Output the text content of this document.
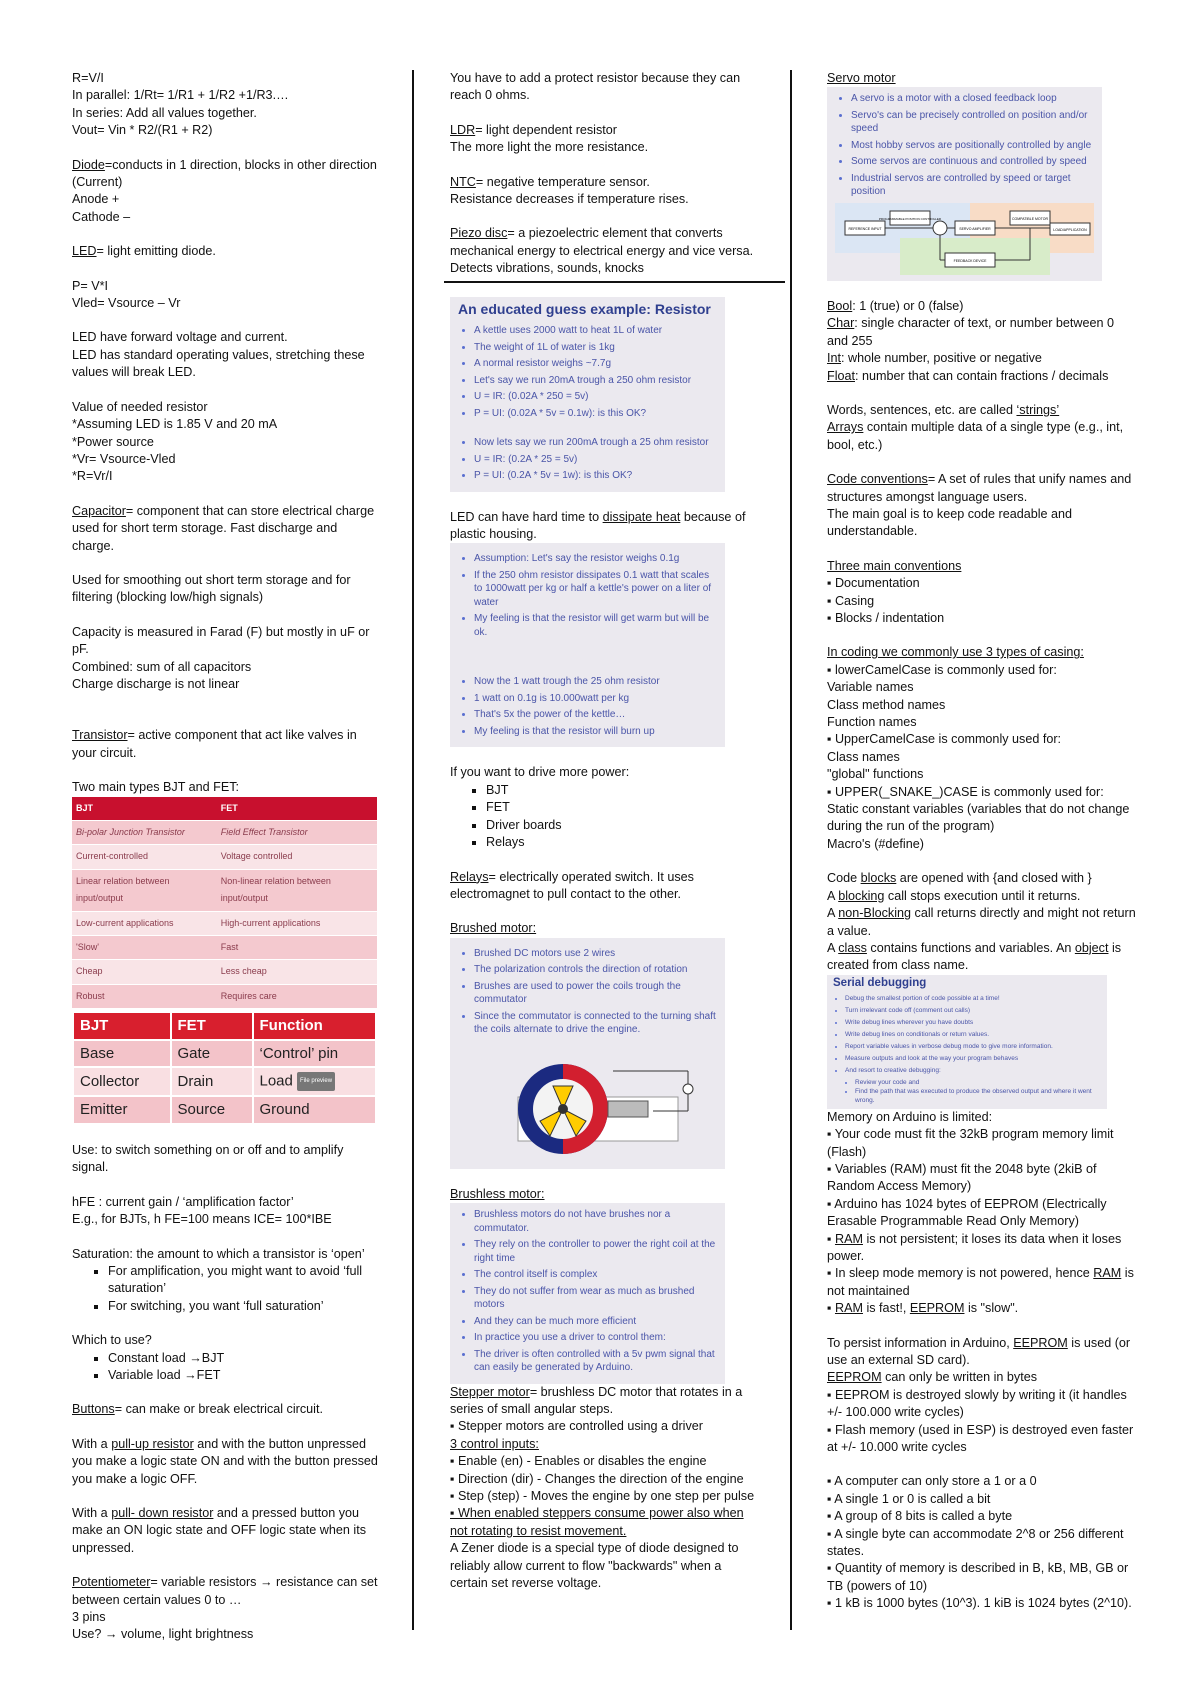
R=V/I

In parallel: 1/Rt= 1/R1 + 1/R2 +1/R3.…

In series: Add all values together.

Vout= Vin * R2/(R1 + R2)

Diode=conducts in 1 direction, blocks in other direction (Current)

Anode +

Cathode –

LED= light emitting diode.

P= V*I

Vled= Vsource – Vr

LED have forward voltage and current.

LED has standard operating values, stretching these values will break LED.

Value of needed resistor

*Assuming LED is 1.85 V and 20 mA

*Power source

*Vr= Vsource-Vled

*R=Vr/I

Capacitor= component that can store electrical charge used for short term storage. Fast discharge and charge.

Used for smoothing out short term storage and for filtering (blocking low/high signals)

Capacity is measured in Farad (F) but mostly in uF or pF.

Combined: sum of all capacitors

Charge discharge is not linear

Transistor= active component that act like valves in your circuit.

Two main types BJT and FET:

BJT	FET
Bi-polar Junction Transistor	Field Effect Transistor
Current-controlled	Voltage controlled
Linear relation between input/output	Non-linear relation between input/output
Low-current applications	High-current applications
'Slow'	Fast
Cheap	Less cheap
Robust	Requires care
BJT	FET	Function
Base	Gate	‘Control’ pin
Collector	Drain	Load File preview
Emitter	Source	Ground

Use: to switch something on or off and to amplify signal.

hFE : current gain / ‘amplification factor’

E.g., for BJTs, h FE=100 means ICE= 100*IBE

Saturation: the amount to which a transistor is ‘open’

▪ For amplification, you might want to avoid ‘full saturation’
▪ For switching, you want ‘full saturation’

Which to use?

▪ Constant load →BJT
▪ Variable load →FET

Buttons= can make or break electrical circuit.

With a pull-up resistor and with the button unpressed you make a logic state ON and with the button pressed you make a logic OFF.

With a pull- down resistor and a pressed button you make an ON logic state and OFF logic state when its unpressed.

Potentiometer= variable resistors → resistance can set between certain values 0 to …

3 pins

Use? → volume, light brightness

You have to add a protect resistor because they can reach 0 ohms.

LDR= light dependent resistor

The more light the more resistance.

NTC= negative temperature sensor.

Resistance decreases if temperature rises.

Piezo disc= a piezoelectric element that converts mechanical energy to electrical energy and vice versa.

Detects vibrations, sounds, knocks

An educated guess example: Resistor
• A kettle uses 2000 watt to heat 1L of water
• The weight of 1L of water is 1kg
• A normal resistor weighs ~7.7g
• Let's say we run 20mA trough a 250 ohm resistor
• U = IR: (0.02A * 250 = 5v)
• P = UI: (0.02A * 5v = 0.1w): is this OK?
• Now lets say we run 200mA trough a 25 ohm resistor
• U = IR: (0.2A * 25 = 5v)
• P = UI: (0.2A * 5v = 1w): is this OK?

LED can have hard time to dissipate heat because of plastic housing.

• Assumption: Let's say the resistor weighs 0.1g
• If the 250 ohm resistor dissipates 0.1 watt that scales to 1000watt per kg or half a kettle's power on a liter of water
• My feeling is that the resistor will get warm but will be ok.
• Now the 1 watt trough the 25 ohm resistor
• 1 watt on 0.1g is 10.000watt per kg
• That's 5x the power of the kettle…
• My feeling is that the resistor will burn up

If you want to drive more power:

▪ BJT
▪ FET
▪ Driver boards
▪ Relays

Relays= electrically operated switch. It uses electromagnet to pull contact to the other.

Brushed motor:

• Brushed DC motors use 2 wires
• The polarization controls the direction of rotation
• Brushes are used to power the coils trough the commutator
• Since the commutator is connected to the turning shaft the coils alternate to drive the engine.

Brushless motor:

• Brushless motors do not have brushes nor a commutator.
• They rely on the controller to power the right coil at the right time
• The control itself is complex
• They do not suffer from wear as much as brushed motors
• And they can be much more efficient
• In practice you use a driver to control them:
• The driver is often controlled with a 5v pwm signal that can easily be generated by Arduino.

Stepper motor= brushless DC motor that rotates in a series of small angular steps.

▪ Stepper motors are controlled using a driver

3 control inputs:

▪ Enable (en) - Enables or disables the engine

▪ Direction (dir) - Changes the direction of the engine

▪ Step (step) - Moves the engine by one step per pulse

▪ When enabled steppers consume power also when not rotating to resist movement.

A Zener diode is a special type of diode designed to reliably allow current to flow "backwards" when a certain set reverse voltage.

Servo motor

• A servo is a motor with a closed feedback loop
• Servo's can be precisely controlled on position and/or speed
• Most hobby servos are positionally controlled by angle
• Some servos are continuous and controlled by speed
• Industrial servos are controlled by speed or target position
REFERENCE INPUT
PROGRAMMABLE POSITION CONTROLLER
SERVO AMPLIFIER
COMPATIBLE MOTOR
LOAD/APPLICATION
FEEDBACK DEVICE

Bool: 1 (true) or 0 (false)

Char: single character of text, or number between 0 and 255

Int: whole number, positive or negative

Float: number that can contain fractions / decimals

Words, sentences, etc. are called ‘strings’

Arrays contain multiple data of a single type (e.g., int, bool, etc.)

Code conventions= A set of rules that unify names and structures amongst language users.

The main goal is to keep code readable and understandable.

Three main conventions

▪ Documentation

▪ Casing

▪ Blocks / indentation

In coding we commonly use 3 types of casing:

▪ lowerCamelCase is commonly used for:

Variable names

Class method names

Function names

▪ UpperCamelCase is commonly used for:

Class names

"global" functions

▪ UPPER(_SNAKE_)CASE is commonly used for:

Static constant variables (variables that do not change during the run of the program)

Macro's (#define)

Code blocks are opened with {and closed with }

A blocking call stops execution until it returns.

A non-Blocking call returns directly and might not return a value.

A class contains functions and variables. An object is created from class name.

Serial debugging
• Debug the smallest portion of code possible at a time!
• Turn irrelevant code off (comment out calls)
• Write debug lines wherever you have doubts
• Write debug lines on conditionals or return values.
• Report variable values in verbose debug mode to give more information.
• Measure outputs and look at the way your program behaves
• And resort to creative debugging:
• Review your code and
• Find the path that was executed to produce the observed output and where it went wrong.

Memory on Arduino is limited:

▪ Your code must fit the 32kB program memory limit (Flash)

▪ Variables (RAM) must fit the 2048 byte (2kiB of Random Access Memory)

▪ Arduino has 1024 bytes of EEPROM (Electrically Erasable Programmable Read Only Memory)

▪ RAM is not persistent; it loses its data when it loses power.

▪ In sleep mode memory is not powered, hence RAM is not maintained

▪ RAM is fast!, EEPROM is "slow".

To persist information in Arduino, EEPROM is used (or use an external SD card).

EEPROM can only be written in bytes

▪ EEPROM is destroyed slowly by writing it (it handles +/- 100.000 write cycles)

▪ Flash memory (used in ESP) is destroyed even faster at +/- 10.000 write cycles

▪ A computer can only store a 1 or a 0

▪ A single 1 or 0 is called a bit

▪ A group of 8 bits is called a byte

▪ A single byte can accommodate 2^8 or 256 different states.

▪ Quantity of memory is described in B, kB, MB, GB or TB (powers of 10)

▪ 1 kB is 1000 bytes (10^3). 1 kiB is 1024 bytes (2^10).
